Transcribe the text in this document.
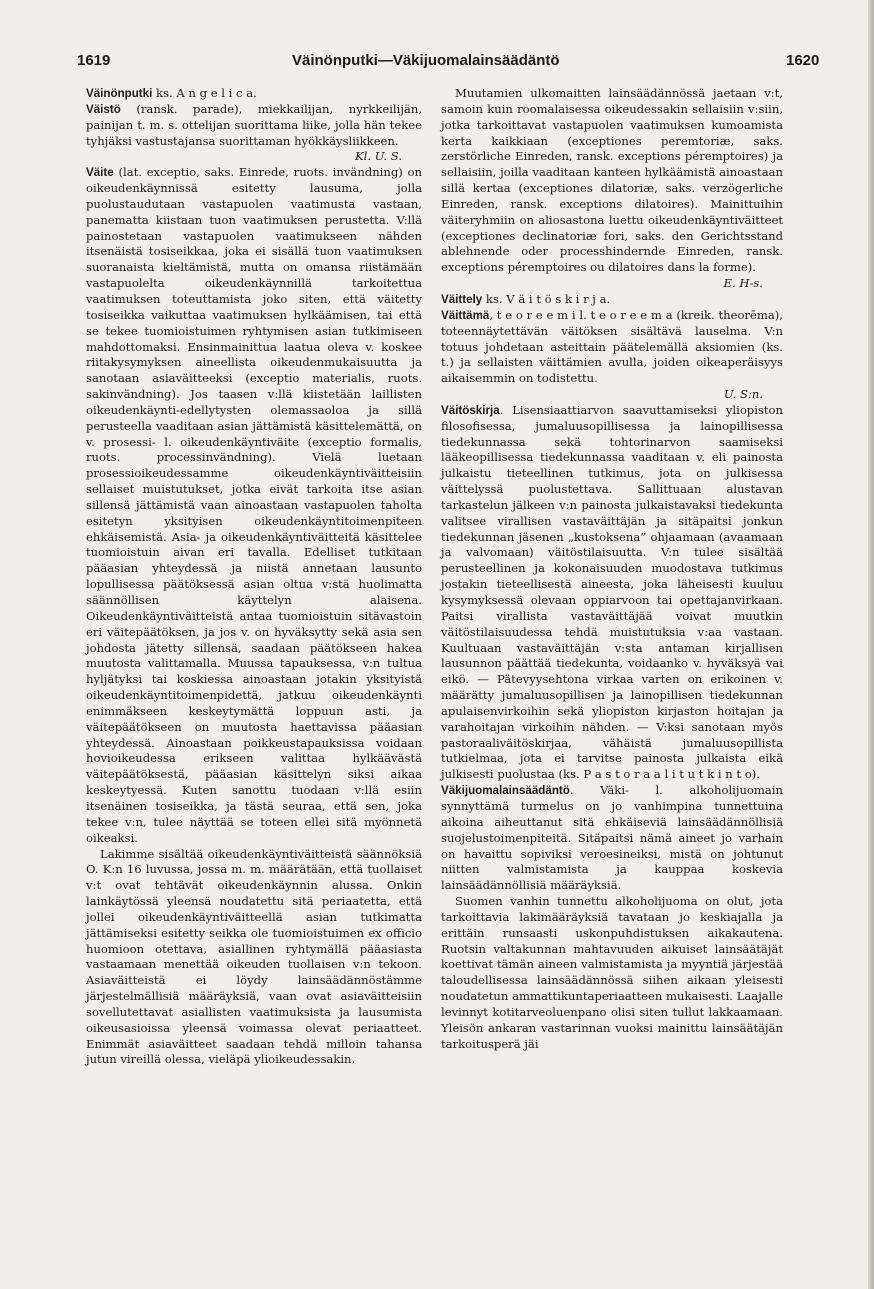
1619	Väinönputki—Väkijuomalainsäädäntö	1620

Väinönputki ks. A n g e l i c a.

Väistö (ransk. parade), miekkailijan, nyrkkeilijän, painijan t. m. s. ottelijan suorittama liike, jolla hän tekee tyhjäksi vastustajansa suorittaman hyökkäysliikkeen.
Kl. U. S.

Väite (lat. exceptio, saks. Einrede, ruots. invändning) on oikeudenkäynnissä esitetty lausuma, jolla puolustaudutaan vastapuolen vaatimusta vastaan, panematta kiistaan tuon vaatimuksen perustetta. V:llä painostetaan vastapuolen vaatimukseen nähden itsenäistä tosiseikkaa, joka ei sisällä tuon vaatimuksen suoranaista kieltämistä, mutta on omansa riistämään vastapuolelta oikeudenkäynnillä tarkoitettua vaatimuksen toteuttamista joko siten, että väitetty tosiseikka vaikuttaa vaatimuksen hylkäämisen, tai että se tekee tuomioistuimen ryhtymisen asian tutkimiseen mahdottomaksi. Ensinmainittua laatua oleva v. koskee riitakysymyksen aineellista oikeudenmukaisuutta ja sanotaan asiaväitteeksi (exceptio materialis, ruots. sakinvändning). Jos taasen v:llä kiistetään laillisten oikeudenkäynti-edellytysten olemassaoloa ja sillä perusteella vaaditaan asian jättämistä käsittelemättä, on v. prosessi- l. oikeudenkäyntiväite (exceptio formalis, ruots. processinvändning). Vielä luetaan prosessioikeudessamme oikeudenkäyntiväitteisiin sellaiset muistutukset, jotka eivät tarkoita itse asian sillensä jättämistä vaan ainoastaan vastapuolen taholta esitetyn yksityisen oikeudenkäyntitoimenpiteen ehkäisemistä. Asia- ja oikeudenkäyntiväitteitä käsittelee tuomioistuin aivan eri tavalla. Edelliset tutkitaan pääasian yhteydessä ja niistä annetaan lausunto lopullisessa päätöksessä asian oltua v:stä huolimatta säännöllisen käyttelyn alaisena. Oikeudenkäyntiväitteistä antaa tuomioistuin sitävastoin eri väitepäätöksen, ja jos v. on hyväksytty sekä asia sen johdosta jätetty sillensä, saadaan päätökseen hakea muutosta valittamalla. Muussa tapauksessa, v:n tultua hyljätyksi tai koskiessa ainoastaan jotakin yksityistä oikeudenkäyntitoimenpidettä, jatkuu oikeudenkäynti enimmäkseen keskeytymättä loppuun asti, ja väitepäätökseen on muutosta haettavissa pääasian yhteydessä. Ainoastaan poikkeustapauksissa voidaan hovioikeudessa erikseen valittaa hylkäävästä väitepäätöksestä, pääasian käsittelyn siksi aikaa keskeytyessä. Kuten sanottu tuodaan v:llä esiin itsenäinen tosiseikka, ja tästä seuraa, että sen, joka tekee v:n, tulee näyttää se toteen ellei sitä myönnetä oikeaksi.

Lakimme sisältää oikeudenkäyntiväitteistä säännöksiä O. K:n 16 luvussa, jossa m. m. määrätään, että tuollaiset v:t ovat tehtävät oikeudenkäynnin alussa. Onkin lainkäytössä yleensä noudatettu sitä periaatetta, että jollei oikeudenkäyntiväitteellä asian tutkimatta jättämiseksi esitetty seikka ole tuomioistuimen ex officio huomioon otettava, asiallinen ryhtymällä pääasiasta vastaamaan menettää oikeuden tuollaisen v:n tekoon. Asiaväitteistä ei löydy lainsäädännöstämme järjestelmällisiä määräyksiä, vaan ovat asiaväitteisiin sovellutettavat asiallisten vaatimuksista ja lausumista oikeusasioissa yleensä voimassa olevat periaatteet. Enimmät asiaväitteet saadaan tehdä milloin tahansa jutun vireillä olessa, vieläpä ylioikeudessakin.

Muutamien ulkomaitten lainsäädännössä jaetaan v:t, samoin kuin roomalaisessa oikeudessakin sellaisiin v:siin, jotka tarkoittavat vastapuolen vaatimuksen kumoamista kerta kaikkiaan (exceptiones peremtoriæ, saks. zerstörliche Einreden, ransk. exceptions péremptoires) ja sellaisiin, joilla vaaditaan kanteen hylkäämistä ainoastaan sillä kertaa (exceptiones dilatoriæ, saks. verzögerliche Einreden, ransk. exceptions dilatoires). Mainittuihin väiteryhmiin on aliosastona luettu oikeudenkäyntiväitteet (exceptiones declinatoriæ fori, saks. den Gerichtsstand ablehnende oder processhindernde Einreden, ransk. exceptions péremptoires ou dilatoires dans la forme).
E. H-s.

Väittely ks. V ä i t ö s k i r j a.

Väittämä, t e o r e e m i l. t e o r e e m a (kreik. theorēma), toteennäytettävän väitöksen sisältävä lauselma. V:n totuus johdetaan asteittain päätelemällä aksiomien (ks. t.) ja sellaisten väittämien avulla, joiden oikeaperäisyys aikaisemmin on todistettu.
U. S:n.

Väitöskirja. Lisensiaattiarvon saavuttamiseksi yliopiston filosofisessa, jumaluusopillisessa ja lainopillisessa tiedekunnassa sekä tohtorinarvon saamiseksi lääkeopillisessa tiedekunnassa vaaditaan v. eli painosta julkaistu tieteellinen tutkimus, jota on julkisessa väittelyssä puolustettava. Sallittuaan alustavan tarkastelun jälkeen v:n painosta julkaistavaksi tiedekunta valitsee virallisen vastaväittäjän ja sitäpaitsi jonkun tiedekunnan jäsenen „kustoksena” ohjaamaan (avaamaan ja valvomaan) väitöstilaisuutta. V:n tulee sisältää perusteellinen ja kokonaisuuden muodostava tutkimus jostakin tieteellisestä aineesta, joka läheisesti kuuluu kysymyksessä olevaan oppiarvoon tai opettajanvirkaan. Paitsi virallista vastaväittäjää voivat muutkin väitöstilaisuudessa tehdä muistutuksia v:aa vastaan. Kuultuaan vastaväittäjän v:sta antaman kirjallisen lausunnon päättää tiedekunta, voidaanko v. hyväksyä vai eikö. — Pätevyysehtona virkaa varten on erikoinen v. määrätty jumaluusopillisen ja lainopillisen tiedekunnan apulaisenvirkoihin sekä yliopiston kirjaston hoitajan ja varahoitajan virkoihin nähden. — V:ksi sanotaan myös pastoraaliväitöskirjaa, vähäistä jumaluusopillista tutkielmaa, jota ei tarvitse painosta julkaista eikä julkisesti puolustaa (ks. P a s t o r a a l i t u t k i n t o).

Väkijuomalainsäädäntö. Väki- l. alkoholijuomain synnyttämä turmelus on jo vanhimpina tunnettuina aikoina aiheuttanut sitä ehkäiseviä lainsäädännöllisiä suojelustoimenpiteitä. Sitäpaitsi nämä aineet jo varhain on havaittu sopiviksi veroesineiksi, mistä on johtunut niitten valmistamista ja kauppaa koskevia lainsäädännöllisiä määräyksiä.

Suomen vanhin tunnettu alkoholijuoma on olut, jota tarkoittavia lakimääräyksiä tavataan jo keskiajalla ja erittäin runsaasti uskonpuhdistuksen aikakautena. Ruotsin valtakunnan mahtavuuden aikuiset lainsäätäjät koettivat tämän aineen valmistamista ja myyntiä järjestää taloudellisessa lainsäädännössä siihen aikaan yleisesti noudatetun ammattikuntaperiaatteen mukaisesti. Laajalle levinnyt kotitarveoluenpano olisi siten tullut lakkaamaan. Yleisön ankaran vastarinnan vuoksi mainittu lainsäätäjän tarkoitusperä jäi
